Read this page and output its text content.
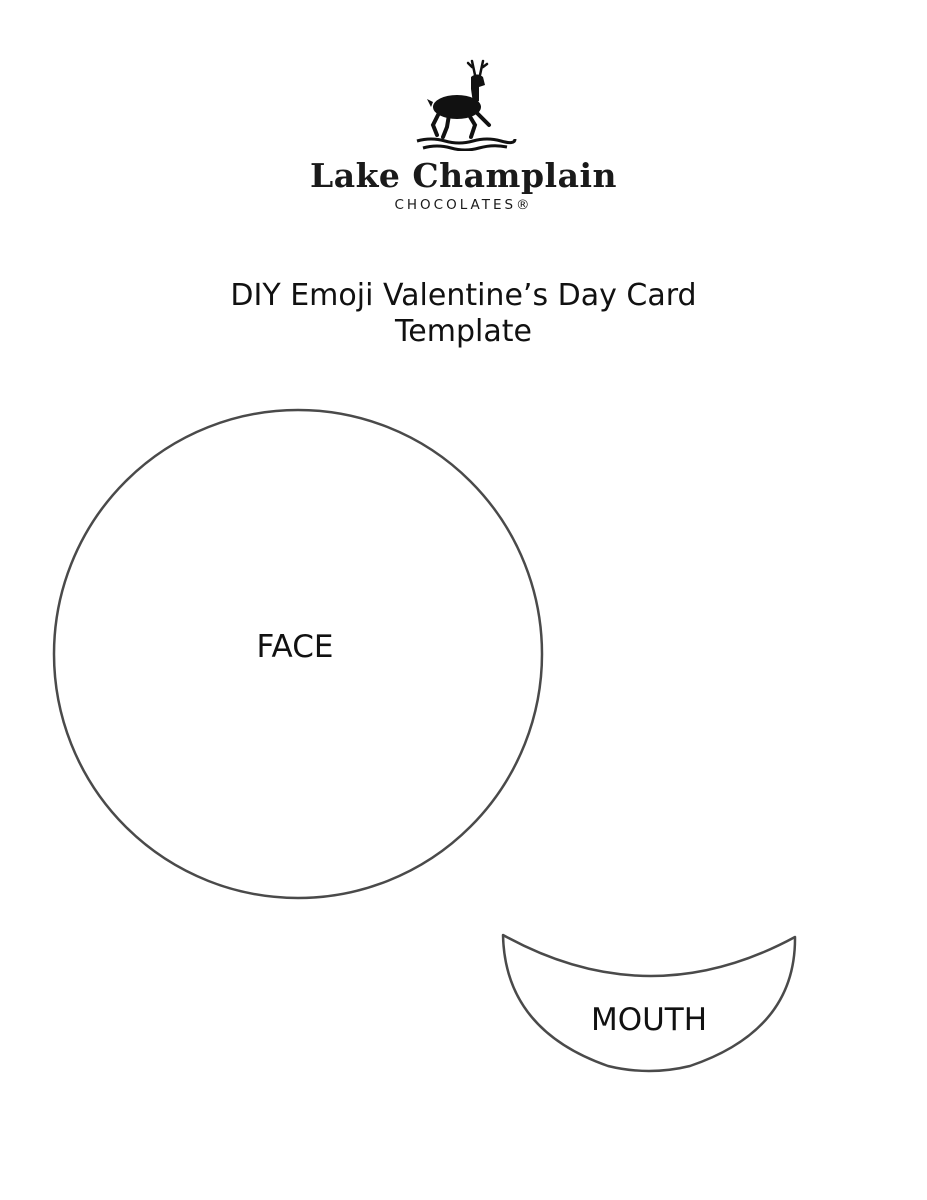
Lake Champlain
CHOCOLATES®
DIY Emoji Valentine’s Day Card
Template
FACE
MOUTH
